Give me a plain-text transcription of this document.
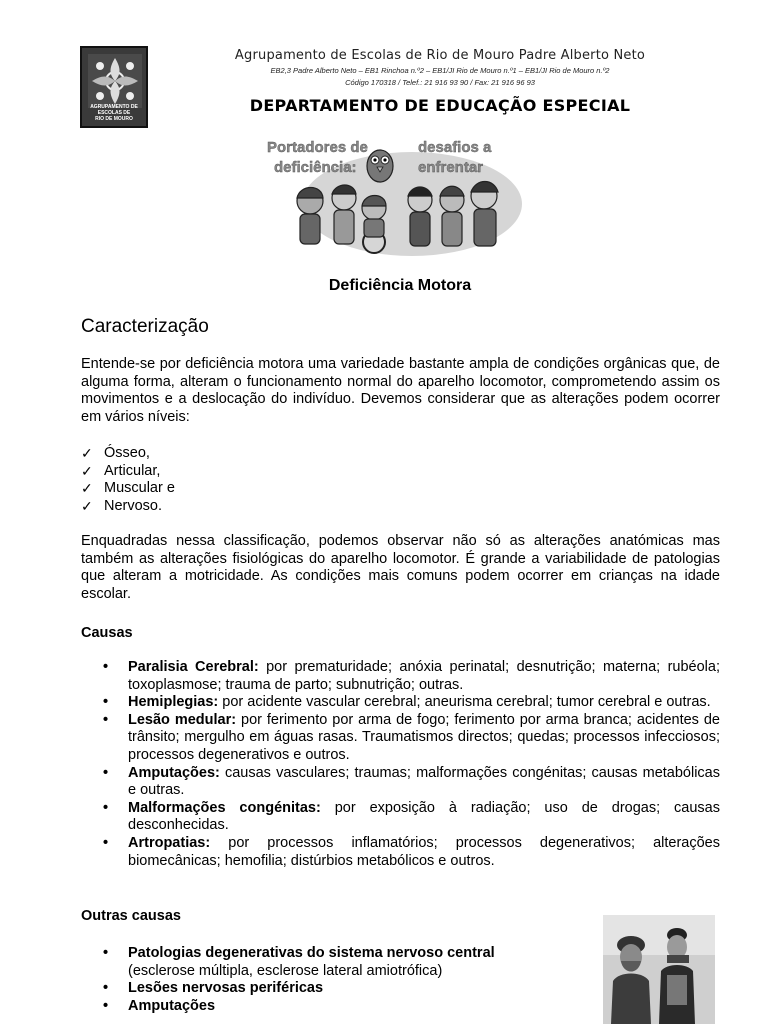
AGRUPAMENTO DE ESCOLAS DE
RIO DE MOURO
Agrupamento de Escolas de Rio de Mouro Padre Alberto Neto
EB2,3 Padre Alberto Neto – EB1 Rinchoa n.º2 – EB1/JI Rio de Mouro n.º1 – EB1/JI Rio de Mouro n.º2
Código 170318 / Telef.: 21 916 93 90 / Fax: 21 916 96 93
DEPARTAMENTO DE EDUCAÇÃO ESPECIAL
Portadores de
deficiência:
desafios a
enfrentar
Deficiência Motora
Caracterização

Entende-se por deficiência motora uma variedade bastante ampla de condições orgânicas que, de alguma forma, alteram o funcionamento normal do aparelho locomotor, comprometendo assim os movimentos e a deslocação do indivíduo. Devemos considerar que as alterações podem ocorrer em vários níveis:

✓ Ósseo,
✓ Articular,
✓ Muscular e
✓ Nervoso.

Enquadradas nessa classificação, podemos observar não só as alterações anatómicas mas também as alterações fisiológicas do aparelho locomotor. É grande a variabilidade de patologias que alteram a motricidade. As condições mais comuns podem ocorrer em crianças na idade escolar.

Causas
• Paralisia Cerebral: por prematuridade; anóxia perinatal; desnutrição; materna; rubéola; toxoplasmose; trauma de parto; subnutrição; outras.
• Hemiplegias: por acidente vascular cerebral; aneurisma cerebral; tumor cerebral e outras.
• Lesão medular: por ferimento por arma de fogo; ferimento por arma branca; acidentes de trânsito; mergulho em águas rasas. Traumatismos directos; quedas; processos infecciosos; processos degenerativos e outros.
• Amputações: causas vasculares; traumas; malformações congénitas; causas metabólicas e outras.
• Malformações congénitas: por exposição à radiação; uso de drogas; causas desconhecidas.
• Artropatias: por processos inflamatórios; processos degenerativos; alterações biomecânicas; hemofilia; distúrbios metabólicos e outros.
Outras causas
• Patologias degenerativas do sistema nervoso central
(esclerose múltipla, esclerose lateral amiotrófica)
• Lesões nervosas periféricas
• Amputações
